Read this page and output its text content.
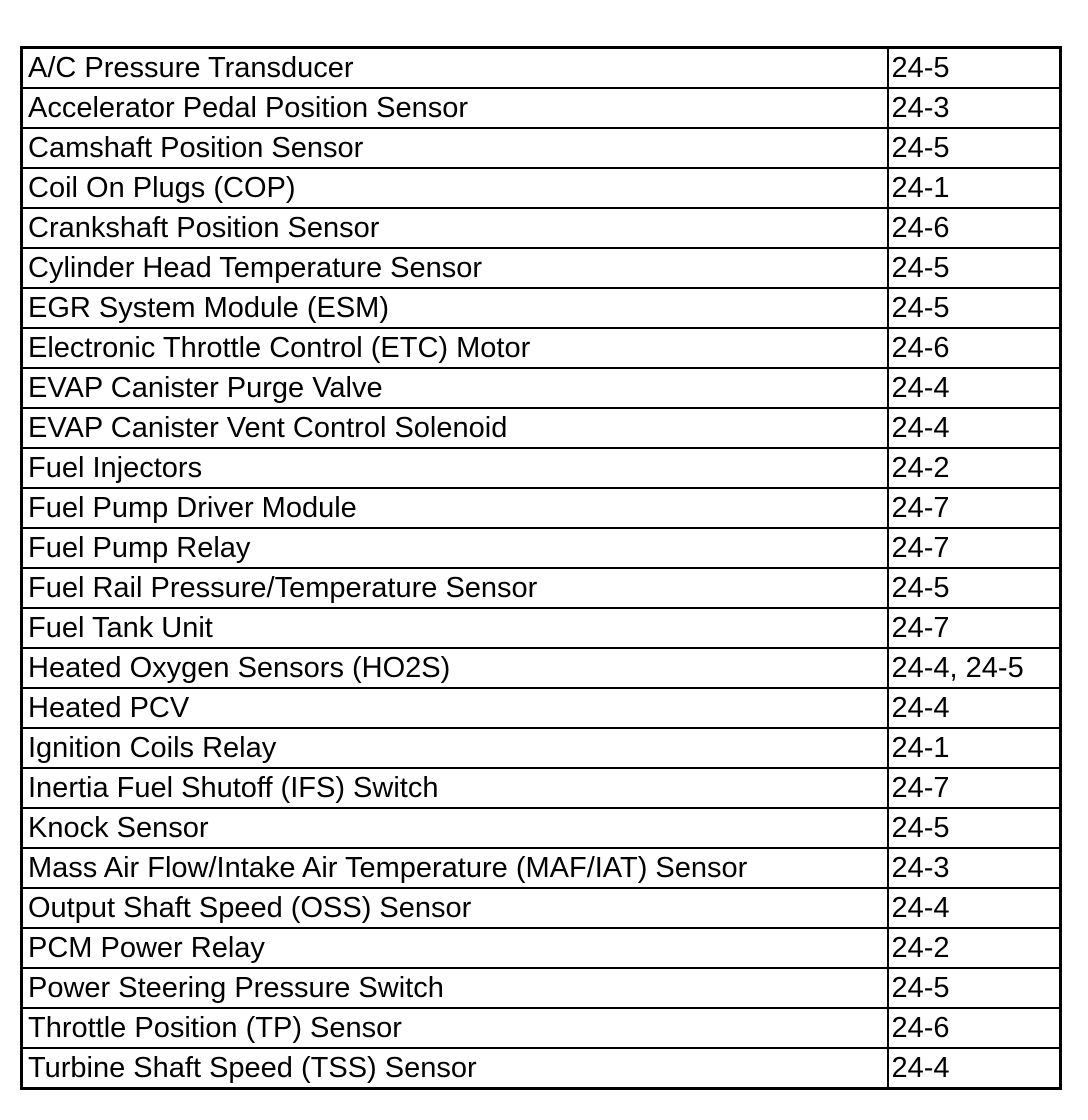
A/C Pressure Transducer	24-5
Accelerator Pedal Position Sensor	24-3
Camshaft Position Sensor	24-5
Coil On Plugs (COP)	24-1
Crankshaft Position Sensor	24-6
Cylinder Head Temperature Sensor	24-5
EGR System Module (ESM)	24-5
Electronic Throttle Control (ETC) Motor	24-6
EVAP Canister Purge Valve	24-4
EVAP Canister Vent Control Solenoid	24-4
Fuel Injectors	24-2
Fuel Pump Driver Module	24-7
Fuel Pump Relay	24-7
Fuel Rail Pressure/Temperature Sensor	24-5
Fuel Tank Unit	24-7
Heated Oxygen Sensors (HO2S)	24-4, 24-5
Heated PCV	24-4
Ignition Coils Relay	24-1
Inertia Fuel Shutoff (IFS) Switch	24-7
Knock Sensor	24-5
Mass Air Flow/Intake Air Temperature (MAF/IAT) Sensor	24-3
Output Shaft Speed (OSS) Sensor	24-4
PCM Power Relay	24-2
Power Steering Pressure Switch	24-5
Throttle Position (TP) Sensor	24-6
Turbine Shaft Speed (TSS) Sensor	24-4
